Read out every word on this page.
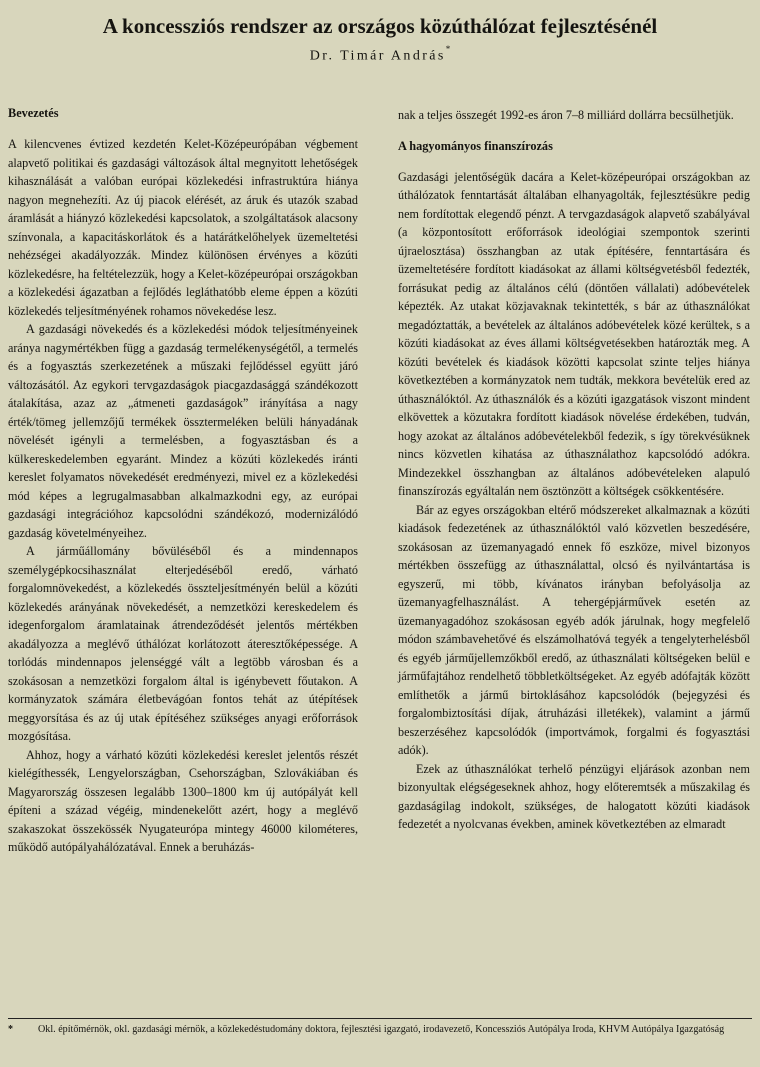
A koncessziós rendszer az országos közúthálózat fejlesztésénél
Dr. Timár András*
Bevezetés

A kilencvenes évtized kezdetén Kelet-Középeurópában végbement alapvető politikai és gazdasági változások által megnyitott lehetőségek kihasználását a valóban európai közlekedési infrastruktúra hiánya nagyon megnehezíti. Az új piacok elérését, az áruk és utazók szabad áramlását a hiányzó közlekedési kapcsolatok, a szolgáltatások alacsony színvonala, a kapacitáskorlátok és a határátkelőhelyek üzemeltetési nehézségei akadályozzák. Mindez különösen érvényes a közúti közlekedésre, ha feltételezzük, hogy a Kelet-középeurópai országokban a közlekedési ágazatban a fejlődés legláthatóbb eleme éppen a közúti közlekedés teljesítményének rohamos növekedése lesz.

A gazdasági növekedés és a közlekedési módok teljesítményeinek aránya nagymértékben függ a gazdaság termelékenységétől, a termelés és a fogyasztás szerkezetének a műszaki fejlődéssel együtt járó változásától. Az egykori tervgazdaságok piacgazdasággá szándékozott átalakítása, azaz az „átmeneti gazdaságok” irányítása a nagy érték/tömeg jellemzőjű termékek össztermeléken belüli hányadának növelését igényli a termelésben, a fogyasztásban és a külkereskedelemben egyaránt. Mindez a közúti közlekedés iránti kereslet folyamatos növekedését eredményezi, mivel ez a közlekedési mód képes a legrugalmasabban alkalmazkodni egy, az európai gazdasági integrációhoz kapcsolódni szándékozó, modernizálódó gazdaság követelményeihez.

A járműállomány bővüléséből és a mindennapos személygépkocsihasználat elterjedéséből eredő, várható forgalomnövekedést, a közlekedés összteljesítményén belül a közúti közlekedés arányának növekedését, a nemzetközi kereskedelem és idegenforgalom áramlatainak átrendeződését jelentős mértékben akadályozza a meglévő úthálózat korlátozott áteresztőképessége. A torlódás mindennapos jelenséggé vált a legtöbb városban és a szokásosan a nemzetközi forgalom által is igénybevett főutakon. A kormányzatok számára életbevágóan fontos tehát az útépítések meggyorsítása és az új utak építéséhez szükséges anyagi erőforrások mozgósítása.

Ahhoz, hogy a várható közúti közlekedési kereslet jelentős részét kielégíthessék, Lengyelországban, Csehországban, Szlovákiában és Magyarország összesen legalább 1300–1800 km új autópályát kell építeni a század végéig, mindenekelőtt azért, hogy a meglévő szakaszokat összekössék Nyugateurópa mintegy 46000 kilométeres, működő autópályahálózatával. Ennek a beruházás-

nak a teljes összegét 1992-es áron 7–8 milliárd dollárra becsülhetjük.

A hagyományos finanszírozás

Gazdasági jelentőségük dacára a Kelet-középeurópai országokban az úthálózatok fenntartását általában elhanyagolták, fejlesztésükre pedig nem fordítottak elegendő pénzt. A tervgazdaságok alapvető szabályával (a központosított erőforrások ideológiai szempontok szerinti újraelosztása) összhangban az utak építésére, fenntartására és üzemeltetésére fordított kiadásokat az állami költségvetésből fedezték, forrásukat pedig az általános célú (döntően vállalati) adóbevételek képezték. Az utakat közjavaknak tekintették, s bár az úthasználókat megadóztatták, a bevételek az általános adóbevételek közé kerültek, s a közúti kiadásokat az éves állami költségvetésekben határozták meg. A közúti bevételek és kiadások közötti kapcsolat szinte teljes hiánya következtében a kormányzatok nem tudták, mekkora bevételük ered az úthasználóktól. Az úthasználók és a közúti igazgatások viszont mindent elkövettek a közutakra fordított kiadások növelése érdekében, tudván, hogy azokat az általános adóbevételekből fedezik, s így törekvésüknek nincs közvetlen kihatása az úthasználathoz kapcsolódó adókra. Mindezekkel összhangban az általános adóbevételeken alapuló finanszírozás egyáltalán nem ösztönzött a költségek csökkentésére.

Bár az egyes országokban eltérő módszereket alkalmaznak a közúti kiadások fedezetének az úthasználóktól való közvetlen beszedésére, szokásosan az üzemanyagadó ennek fő eszköze, mivel bizonyos mértékben összefügg az úthasználattal, olcsó és nyilvántartása is egyszerű, mi több, kívánatos irányban befolyásolja az üzemanyagfelhasználást. A tehergépjárművek esetén az üzemanyagadóhoz szokásosan egyéb adók járulnak, hogy megfelelő módon számbavehetővé és elszámolhatóvá tegyék a tengelyterhelésből és egyéb járműjellemzőkből eredő, az úthasználati költségeken belül e járműfajtához rendelhető többletköltségeket. Az egyéb adófajták között említhetők a jármű birtoklásához kapcsolódók (bejegyzési és forgalombiztosítási díjak, átruházási illetékek), valamint a jármű beszerzéséhez kapcsolódók (importvámok, forgalmi és fogyasztási adók).

Ezek az úthasználókat terhelő pénzügyi eljárások azonban nem bizonyultak elégségeseknek ahhoz, hogy előteremtsék a műszakilag és gazdaságilag indokolt, szükséges, de halogatott közúti kiadások fedezetét a nyolcvanas években, aminek következtében az elmaradt

* Okl. építőmérnök, okl. gazdasági mérnök, a közlekedéstudomány doktora, fejlesztési igazgató, irodavezető, Koncessziós Autópálya Iroda, KHVM Autópálya Igazgatóság
